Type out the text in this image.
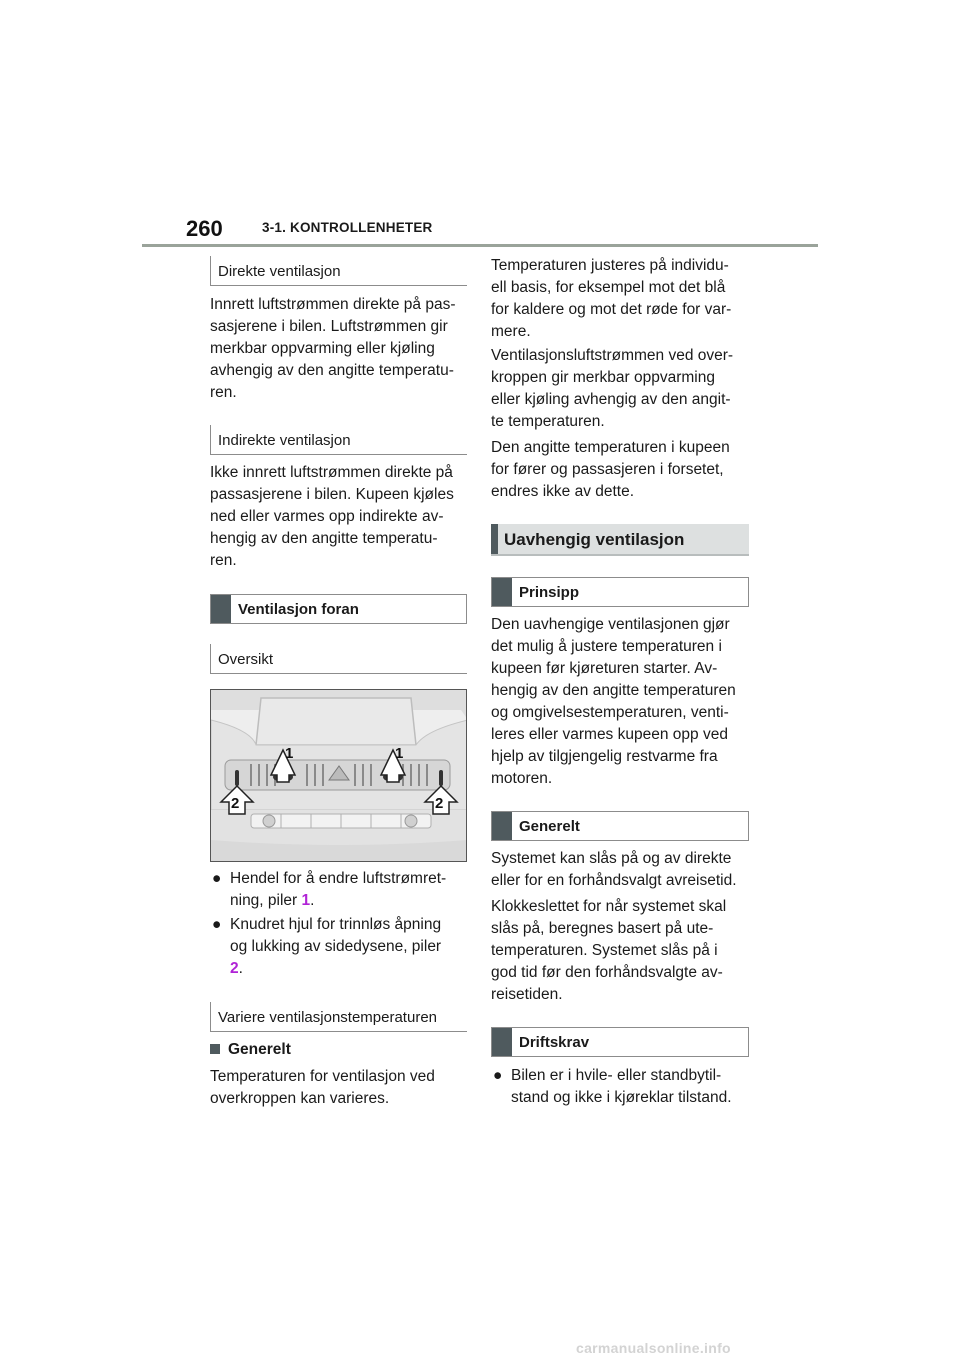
260	3-1. KONTROLLENHETER
Direkte ventilasjon
Innrett luftstrømmen direkte på pas-
sasjerene i bilen. Luftstrømmen gir
merkbar oppvarming eller kjøling
avhengig av den angitte temperatu-
ren.
Indirekte ventilasjon
Ikke innrett luftstrømmen direkte på
passasjerene i bilen. Kupeen kjøles
ned eller varmes opp indirekte av-
hengig av den angitte temperatu-
ren.
Ventilasjon foran
Oversikt
1	1
2	2
● Hendel for å endre luftstrømret-
ning, piler 1.
● Knudret hjul for trinnløs åpning
og lukking av sidedysene, piler
2.
Variere ventilasjonstemperaturen
Generelt
Temperaturen for ventilasjon ved
overkroppen kan varieres.
Temperaturen justeres på individu-
ell basis, for eksempel mot det blå
for kaldere og mot det røde for var-
mere.
Ventilasjonsluftstrømmen ved over-
kroppen gir merkbar oppvarming
eller kjøling avhengig av den angit-
te temperaturen.
Den angitte temperaturen i kupeen
for fører og passasjeren i forsetet,
endres ikke av dette.
Uavhengig ventilasjon
Prinsipp
Den uavhengige ventilasjonen gjør
det mulig å justere temperaturen i
kupeen før kjøreturen starter. Av-
hengig av den angitte temperaturen
og omgivelsestemperaturen, venti-
leres eller varmes kupeen opp ved
hjelp av tilgjengelig restvarme fra
motoren.
Generelt
Systemet kan slås på og av direkte
eller for en forhåndsvalgt avreisetid.
Klokkeslettet for når systemet skal
slås på, beregnes basert på ute-
temperaturen. Systemet slås på i
god tid før den forhåndsvalgte av-
reisetiden.
Driftskrav
● Bilen er i hvile- eller standbytil-
stand og ikke i kjøreklar tilstand.
carmanualsonline.info
